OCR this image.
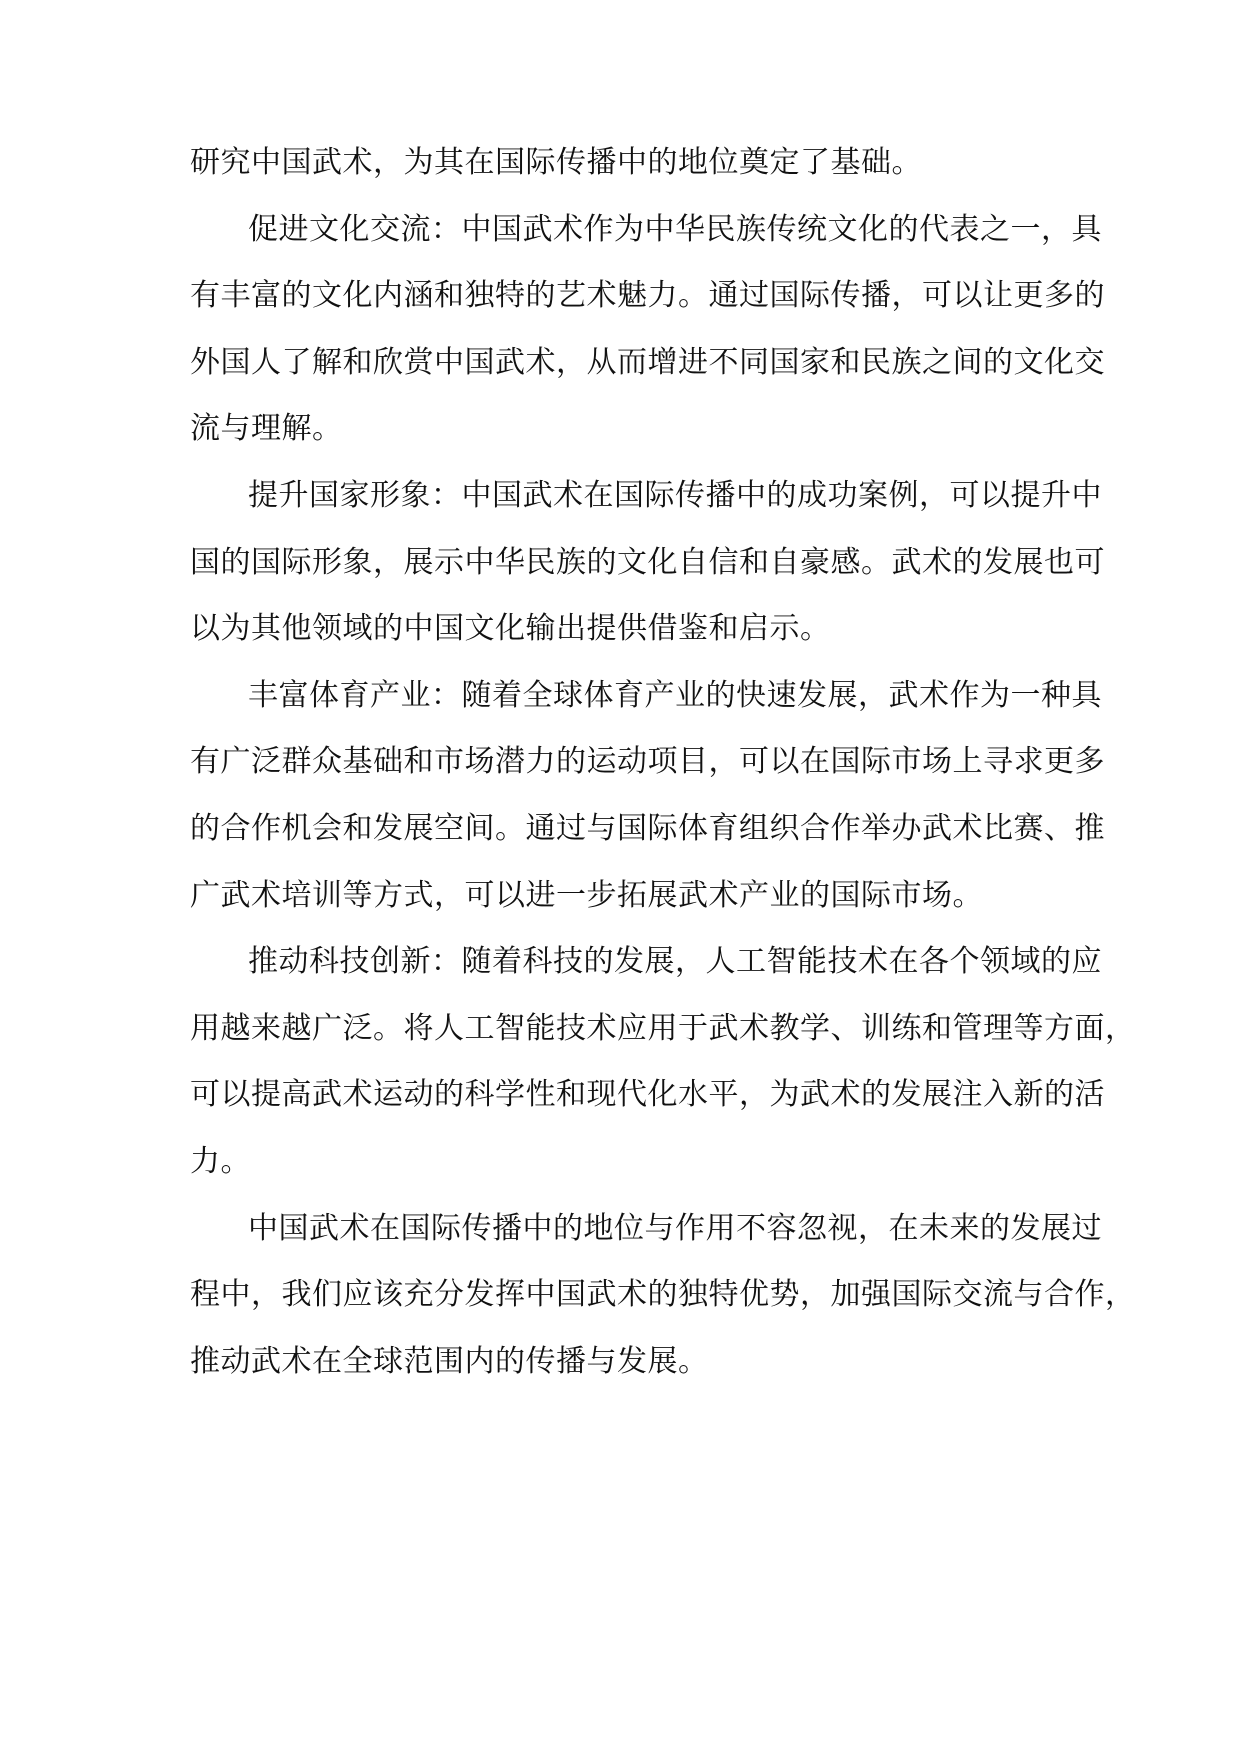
研究中国武术，为其在国际传播中的地位奠定了基础。
促进文化交流：中国武术作为中华民族传统文化的代表之一，具
有丰富的文化内涵和独特的艺术魅力。通过国际传播，可以让更多的
外国人了解和欣赏中国武术，从而增进不同国家和民族之间的文化交
流与理解。
提升国家形象：中国武术在国际传播中的成功案例，可以提升中
国的国际形象，展示中华民族的文化自信和自豪感。武术的发展也可
以为其他领域的中国文化输出提供借鉴和启示。
丰富体育产业：随着全球体育产业的快速发展，武术作为一种具
有广泛群众基础和市场潜力的运动项目，可以在国际市场上寻求更多
的合作机会和发展空间。通过与国际体育组织合作举办武术比赛、推
广武术培训等方式，可以进一步拓展武术产业的国际市场。
推动科技创新：随着科技的发展，人工智能技术在各个领域的应
用越来越广泛。将人工智能技术应用于武术教学、训练和管理等方面，
可以提高武术运动的科学性和现代化水平，为武术的发展注入新的活
力。
中国武术在国际传播中的地位与作用不容忽视，在未来的发展过
程中，我们应该充分发挥中国武术的独特优势，加强国际交流与合作，
推动武术在全球范围内的传播与发展。
